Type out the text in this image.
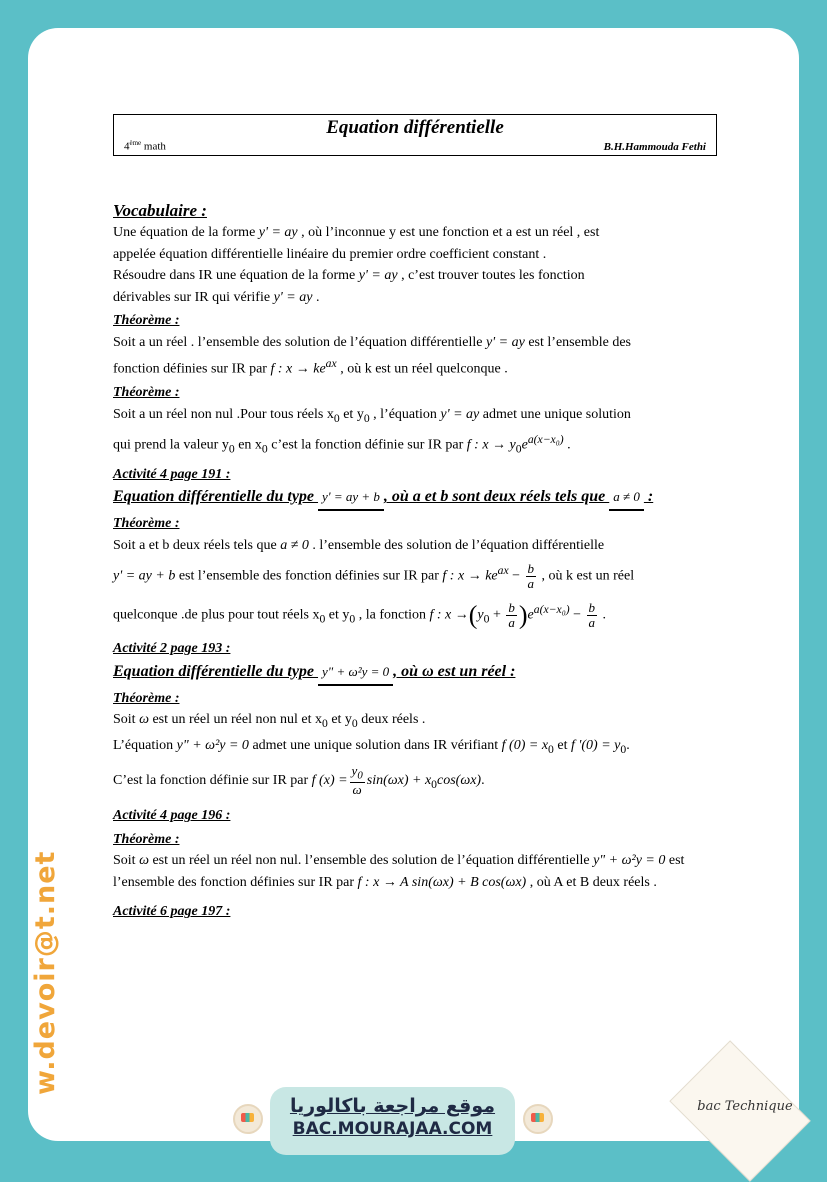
Equation différentielle
4ème math	B.H.Hammouda Fethi

Vocabulaire :

Une équation de la forme y' = ay , où l’inconnue y est une fonction et a est un réel , est

appelée équation différentielle linéaire du premier ordre coefficient constant .

Résoudre dans IR une équation de la forme y' = ay , c’est trouver toutes les fonction

dérivables sur IR qui vérifie y' = ay .

Théorème :

Soit a un réel . l’ensemble des solution de l’équation différentielle y' = ay est l’ensemble des

fonction définies sur IR par f : $x \to ke^{ax}$ , où k est un réel quelconque .

Théorème :

Soit a un réel non nul .Pour tous réels $x_0$ et $y_0$ , l’équation y' = ay admet une unique solution

qui prend la valeur $y_0$ en $x_0$ c’est la fonction définie sur IR par f : $x \to y_0e^{a(x-x_0)}$ .

Activité 4 page 191 :

Equation différentielle du type y' = ay + b , où a et b sont deux réels tels que a ≠ 0 :

Théorème :

Soit a et b deux réels tels que a ≠ 0 . l’ensemble des solution de l’équation différentielle

y' = ay + b est l’ensemble des fonction définies sur IR par f : $x \to ke^{ax} - \frac{b}{a}$ , où k est un réel

quelconque .de plus pour tout réels $x_0$ et $y_0$ , la fonction f : $x \to(y_0 + \frac{b}{a} )e^{a(x-x_0)} - \frac{b}{a}$ .

Activité 2 page 193 :

Equation différentielle du type y" + ω²y = 0 , où ω est un réel :

Théorème :

Soit ω est un réel un réel non nul et $x_0$ et $y_0$ deux réels .

L’équation y" + ω²y = 0 admet une unique solution dans IR vérifiant f $(0) = x_0$ et f '$(0) = y_0$.

C’est la fonction définie sur IR par f $(x) = \frac{y_0}{\omega} \sin(\omega x) + x_0\cos(\omega x)$.

Activité 4 page 196 :

Théorème :

Soit ω est un réel un réel non nul. l’ensemble des solution de l’équation différentielle y" + ω²y = 0 est

l’ensemble des fonction définies sur IR par f : x → A sin(ωx) + B cos(ωx) , où A et B deux réels .

Activité 6 page 197 :

w.devoir@t.net
موقع مراجعة باكالوريا
BAC.MOURAJAA.COM
bac Technique
